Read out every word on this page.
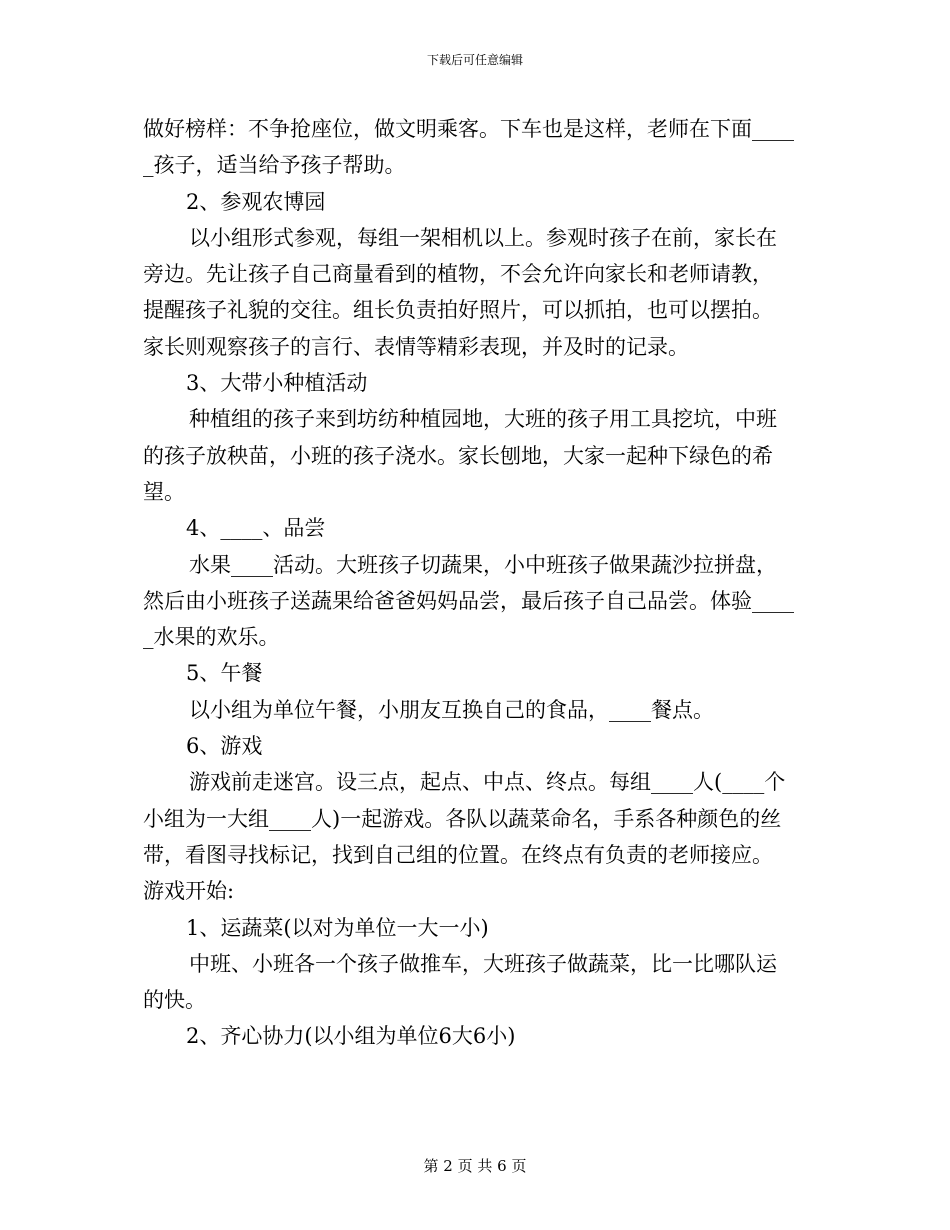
下载后可任意编辑
做好榜样：不争抢座位，做文明乘客。下车也是这样，老师在下面____
_孩子，适当给予孩子帮助。
2、参观农博园
以小组形式参观，每组一架相机以上。参观时孩子在前，家长在
旁边。先让孩子自己商量看到的植物，不会允许向家长和老师请教，
提醒孩子礼貌的交往。组长负责拍好照片，可以抓拍，也可以摆拍。
家长则观察孩子的言行、表情等精彩表现，并及时的记录。
3、大带小种植活动
种植组的孩子来到坊纺种植园地，大班的孩子用工具挖坑，中班
的孩子放秧苗，小班的孩子浇水。家长刨地，大家一起种下绿色的希
望。
4、____、品尝
水果____活动。大班孩子切蔬果，小中班孩子做果蔬沙拉拼盘，
然后由小班孩子送蔬果给爸爸妈妈品尝，最后孩子自己品尝。体验____
_水果的欢乐。
5、午餐
以小组为单位午餐，小朋友互换自己的食品，____餐点。
6、游戏
游戏前走迷宫。设三点，起点、中点、终点。每组____人(____个
小组为一大组____人)一起游戏。各队以蔬菜命名，手系各种颜色的丝
带，看图寻找标记，找到自己组的位置。在终点有负责的老师接应。
游戏开始:
1、运蔬菜(以对为单位一大一小)
中班、小班各一个孩子做推车，大班孩子做蔬菜，比一比哪队运
的快。
2、齐心协力(以小组为单位6大6小)
第 2 页 共 6 页
